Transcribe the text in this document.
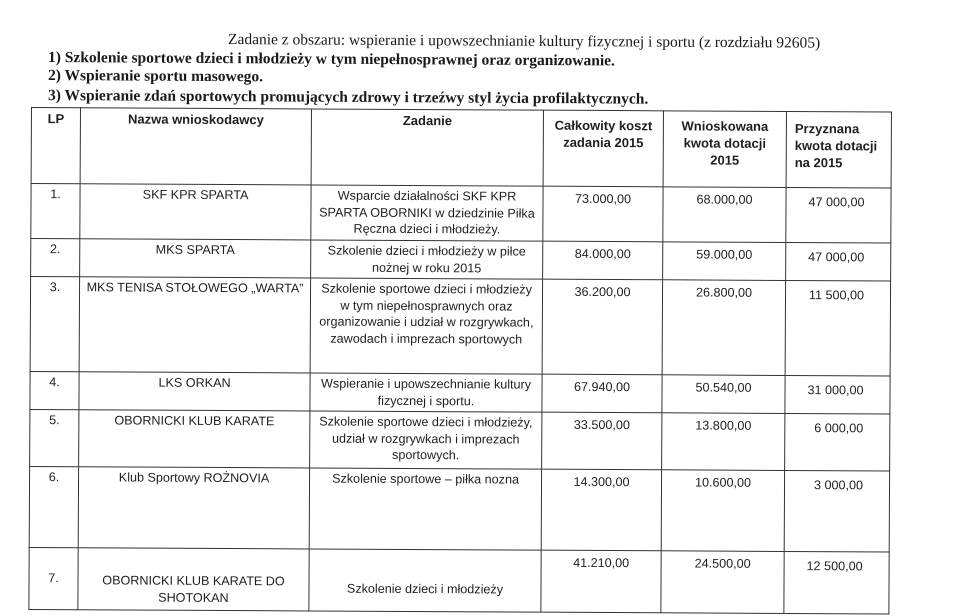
Zadanie z obszaru: wspieranie i upowszechnianie kultury fizycznej i sportu (z rozdziału 92605)
1) Szkolenie sportowe dzieci i młodzieży w tym niepełnosprawnej oraz organizowanie.
2) Wspieranie sportu masowego.
3) Wspieranie zdań sportowych promujących zdrowy i trzeźwy styl życia profilaktycznych.
LP	Nazwa wnioskodawcy	Zadanie	Całkowity koszt zadania 2015	Wnioskowana kwota dotacji 2015	Przyznana kwota dotacji na 2015
1.	SKF KPR SPARTA	Wsparcie działalności SKF KPR SPARTA OBORNIKI w dziedzinie Piłka Ręczna dzieci i młodzieży.	73.000,00	68.000,00	47 000,00
2.	MKS SPARTA	Szkolenie dzieci i młodzieży w piłce nożnej w roku 2015	84.000,00	59.000,00	47 000,00
3.	MKS TENISA STOŁOWEGO „WARTA”	Szkolenie sportowe dzieci i młodzieży w tym niepełnosprawnych oraz organizowanie i udział w rozgrywkach, zawodach i imprezach sportowych	36.200,00	26.800,00	11 500,00
4.	LKS ORKAN	Wspieranie i upowszechnianie kultury fizycznej i sportu.	67.940,00	50.540,00	31 000,00
5.	OBORNICKI KLUB KARATE	Szkolenie sportowe dzieci i młodzieży, udział w rozgrywkach i imprezach sportowych.	33.500,00	13.800,00	6 000,00
6.	Klub Sportowy ROŻNOVIA	Szkolenie sportowe – piłka nozna	14.300,00	10.600,00	3 000,00
7.	OBORNICKI KLUB KARATE DO SHOTOKAN	Szkolenie dzieci i młodzieży	41.210,00	24.500,00	12 500,00
